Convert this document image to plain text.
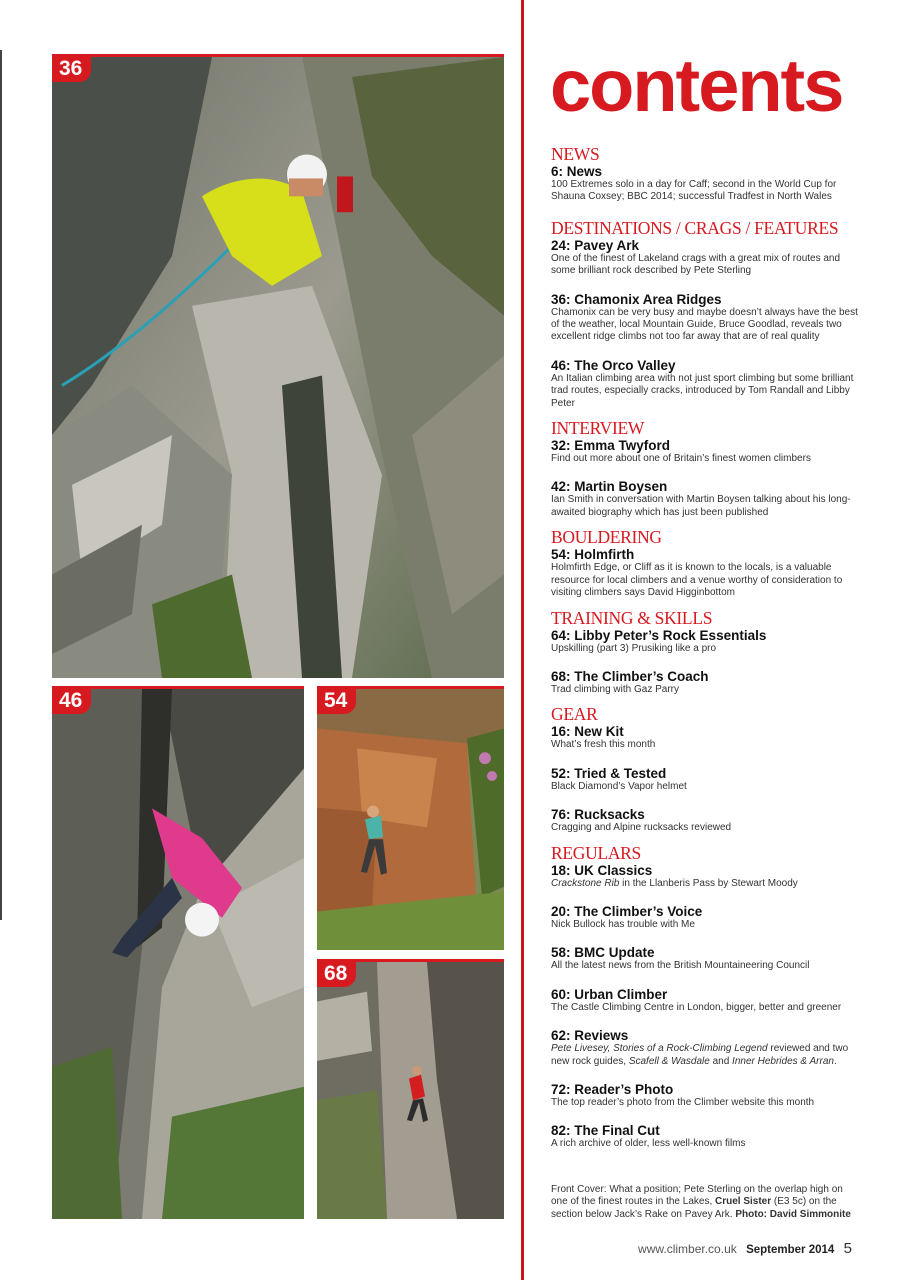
36
46	54
68
contents
NEWS
6: News
100 Extremes solo in a day for Caff; second in the World Cup for Shauna Coxsey; BBC 2014; successful Tradfest in North Wales
DESTINATIONS / CRAGS / FEATURES
24: Pavey Ark
One of the finest of Lakeland crags with a great mix of routes and some brilliant rock described by Pete Sterling
36: Chamonix Area Ridges
Chamonix can be very busy and maybe doesn’t always have the best of the weather, local Mountain Guide, Bruce Goodlad, reveals two excellent ridge climbs not too far away that are of real quality
46: The Orco Valley
An Italian climbing area with not just sport climbing but some brilliant trad routes, especially cracks, introduced by Tom Randall and Libby Peter
INTERVIEW
32: Emma Twyford
Find out more about one of Britain’s finest women climbers
42: Martin Boysen
Ian Smith in conversation with Martin Boysen talking about his long-awaited biography which has just been published
BOULDERING
54: Holmfirth
Holmfirth Edge, or Cliff as it is known to the locals, is a valuable resource for local climbers and a venue worthy of consideration to visiting climbers says David Higginbottom
TRAINING & SKILLS
64: Libby Peter’s Rock Essentials
Upskilling (part 3) Prusiking like a pro
68: The Climber’s Coach
Trad climbing with Gaz Parry
GEAR
16: New Kit
What’s fresh this month
52: Tried & Tested
Black Diamond’s Vapor helmet
76: Rucksacks
Cragging and Alpine rucksacks reviewed
REGULARS
18: UK Classics
Crackstone Rib in the Llanberis Pass by Stewart Moody
20: The Climber’s Voice
Nick Bullock has trouble with Me
58: BMC Update
All the latest news from the British Mountaineering Council
60: Urban Climber
The Castle Climbing Centre in London, bigger, better and greener
62: Reviews
Pete Livesey, Stories of a Rock-Climbing Legend reviewed and two new rock guides, Scafell & Wasdale and Inner Hebrides & Arran.
72: Reader’s Photo
The top reader’s photo from the Climber website this month
82: The Final Cut
A rich archive of older, less well-known films
Front Cover: What a position; Pete Sterling on the overlap high on one of the finest routes in the Lakes, Cruel Sister (E3 5c) on the section below Jack’s Rake on Pavey Ark. Photo: David Simmonite
www.climber.co.uk September 2014 5
